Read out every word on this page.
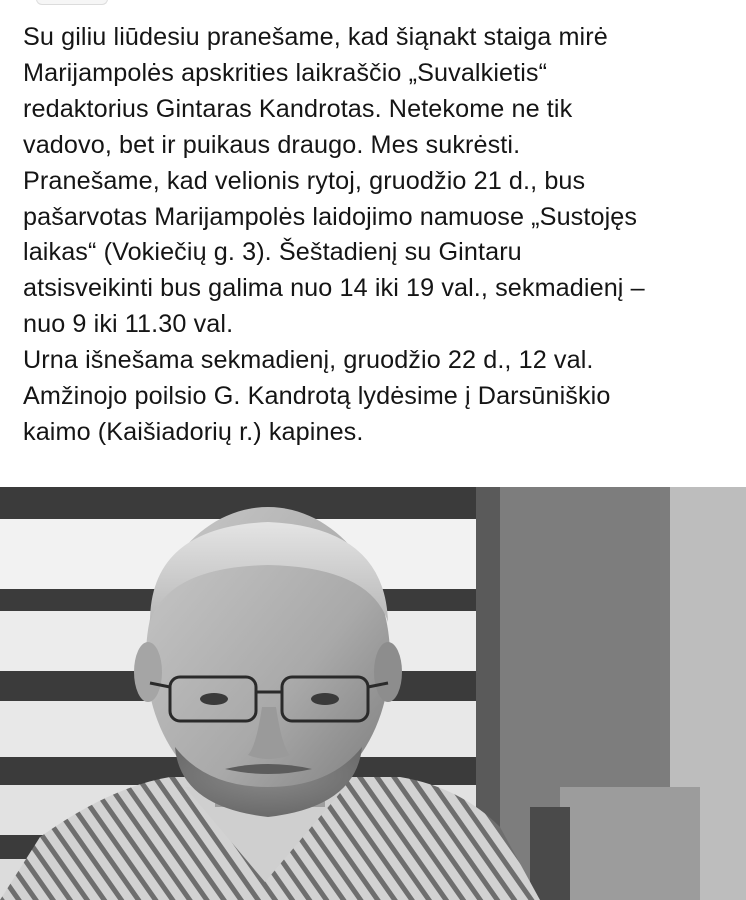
Su giliu liūdesiu pranešame, kad šiąnakt staiga mirė
Marijampolės apskrities laikraščio „Suvalkietis“
redaktorius Gintaras Kandrotas. Netekome ne tik
vadovo, bet ir puikaus draugo. Mes sukrėsti.
Pranešame, kad velionis rytoj, gruodžio 21 d., bus
pašarvotas Marijampolės laidojimo namuose „Sustojęs
laikas“ (Vokiečių g. 3). Šeštadienį su Gintaru
atsisveikinti bus galima nuo 14 iki 19 val., sekmadienį –
nuo 9 iki 11.30 val.
Urna išnešama sekmadienį, gruodžio 22 d., 12 val.
Amžinojo poilsio G. Kandrotą lydėsime į Darsūniškio
kaimo (Kaišiadorių r.) kapines.
